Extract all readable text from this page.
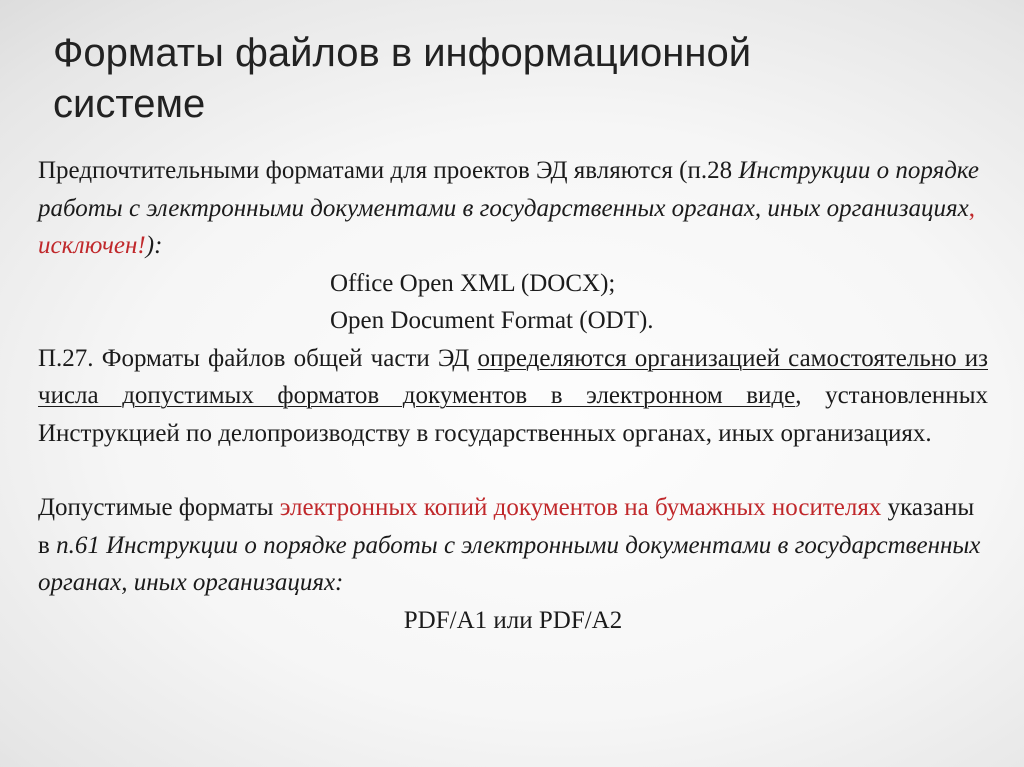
Форматы файлов в информационной
системе

Предпочтительными форматами для проектов ЭД являются (п.28 Инструкции о порядке работы с электронными документами в государственных органах, иных организациях, исключен!):

Office Open XML (DOCX);

Open Document Format (ODT).

П.27. Форматы файлов общей части ЭД определяются организацией самостоятельно из числа допустимых форматов документов в электронном виде, установленных Инструкцией по делопроизводству в государственных органах, иных организациях.

Допустимые форматы электронных копий документов на бумажных носителях указаны в п.61 Инструкции о порядке работы с электронными документами в государственных органах, иных организациях:

PDF/A1 или PDF/A2
